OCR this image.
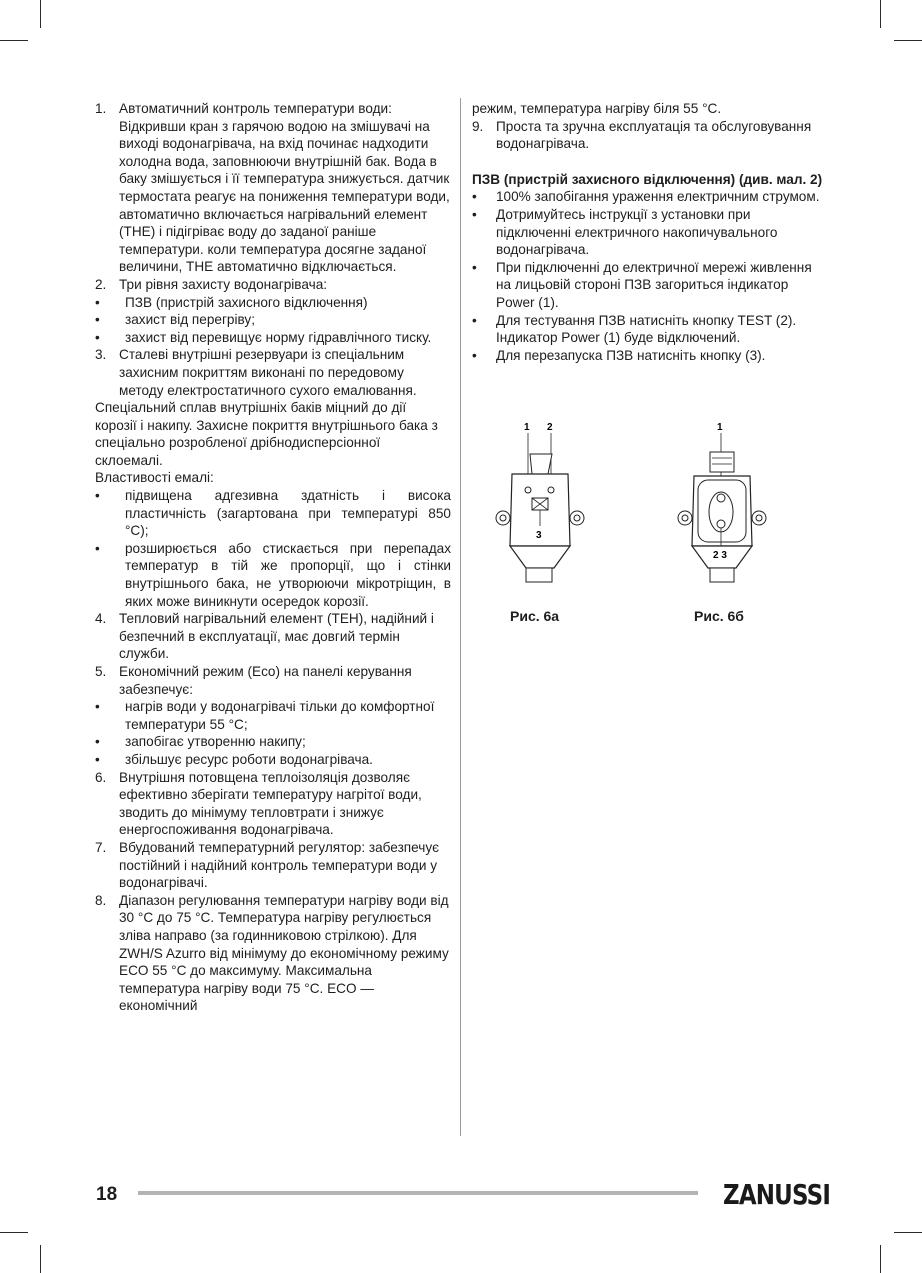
1. Автоматичний контроль температури води: Відкривши кран з гарячою водою на змішувачі на виході водонагрівача, на вхід починає надходити холодна вода, заповнюючи внутрішній бак. Вода в баку змішується і її температура знижується. датчик термостата реагує на пониження температури води, автоматично включається нагрівальний елемент (ТНЕ) і підігріває воду до заданої раніше температури. коли температура досягне заданої величини, ТНЕ автоматично відключається.
2. Три рівня захисту водонагрівача:
• ПЗВ (пристрій захисного відключення)
• захист від перегріву;
• захист від перевищує норму гідравлічного тиску.
3. Сталеві внутрішні резервуари із спеціальним захисним покриттям виконані по передовому методу електростатичного сухого емалювання.
Спеціальний сплав внутрішніх баків міцний до дії корозії і накипу. Захисне покриття внутрішнього бака з спеціально розробленої дрібнодисперсіонної склоемалі.
Властивості емалі:
• підвищена адгезивна здатність і висока пластичність (загартована при температурі 850 °С);
• розширюється або стискається при перепадах температур в тій же пропорції, що і стінки внутрішнього бака, не утворюючи мікротріщин, в яких може виникнути осередок корозії.
4. Тепловий нагрівальний елемент (ТЕН), надійний і безпечний в експлуатації, має довгий термін служби.
5. Економічний режим (Eco) на панелі керування забезпечує:
• нагрів води у водонагрівачі тільки до комфортної температури 55 °С;
• запобігає утворенню накипу;
• збільшує ресурс роботи водонагрівача.
6. Внутрішня потовщена теплоізоляція дозволяє ефективно зберігати температуру нагрітої води, зводить до мінімуму тепловтрати і знижує енергоспоживання водонагрівача.
7. Вбудований температурний регулятор: забезпечує постійний і надійний контроль температури води у водонагрівачі.
8. Діапазон регулювання температури нагріву води від 30 °С до 75 °С. Температура нагріву регулюється зліва направо (за годинниковою стрілкою). Для ZWH/S Azurro від мінімуму до економічному режиму ECO 55 °С до максимуму. Максимальна температура нагріву води 75 °С. ECO — економічний
режим, температура нагріву біля 55 °С.
9. Проста та зручна експлуатація та обслуговування водонагрівача.
ПЗВ (пристрій захисного відключення) (див. мал. 2)
• 100% запобігання ураження електричним струмом.
• Дотримуйтесь інструкції з установки при підключенні електричного накопичувального водонагрівача.
• При підключенні до електричної мережі живлення на лицьовій стороні ПЗВ загориться індикатор Power (1).
• Для тестування ПЗВ натисніть кнопку TEST (2). Індикатор Power (1) буде відключений.
• Для перезапуска ПЗВ натисніть кнопку (3).
1 2
3
Рис. 6а
1
2 3
Рис. 6б
18	ZANUSSI
